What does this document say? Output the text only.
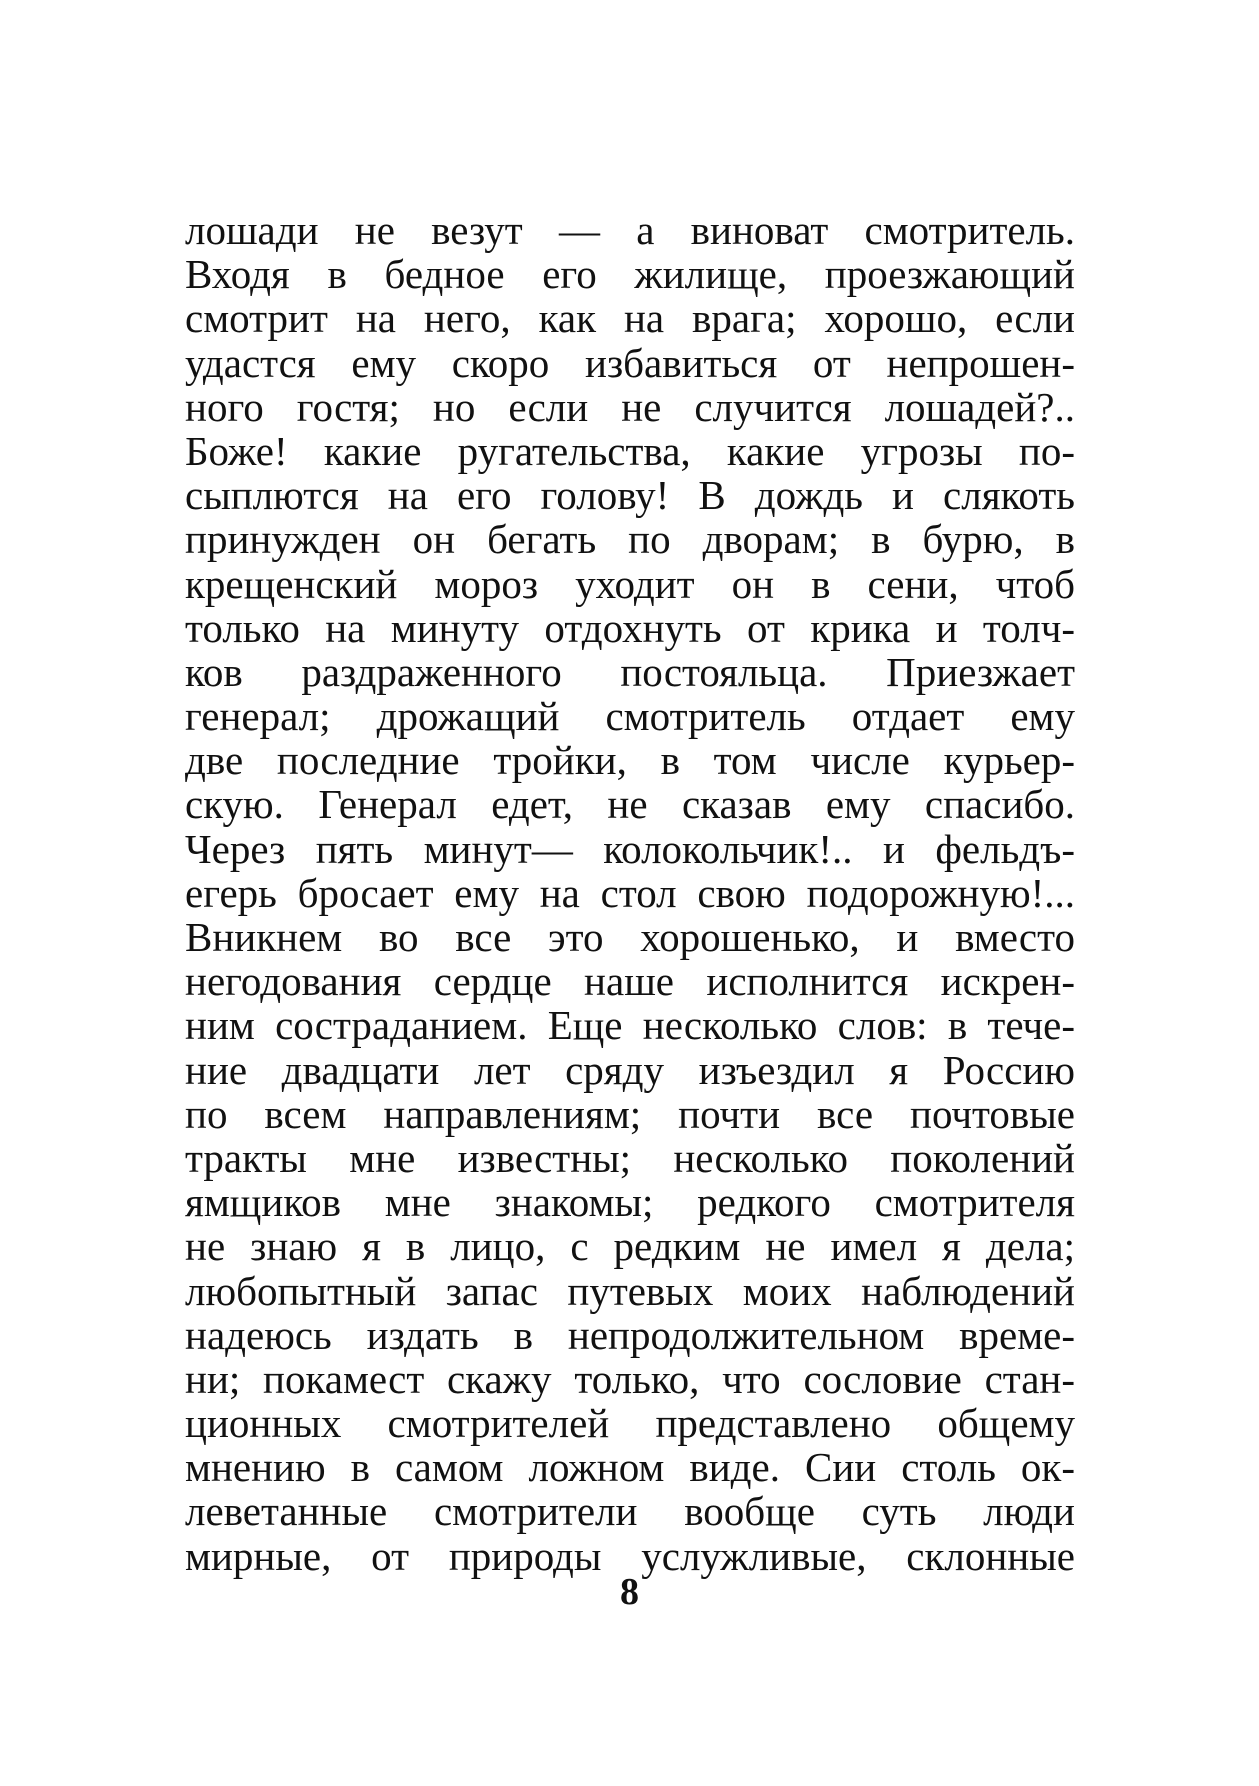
лошади не везут — а виноват смотритель.
Входя в бедное его жилище, проезжающий
смотрит на него, как на врага; хорошо, если
удастся ему скоро избавиться от непрошен-
ного гостя; но если не случится лошадей?..
Боже! какие ругательства, какие угрозы по-
сыплются на его голову! В дождь и слякоть
принужден он бегать по дворам; в бурю, в
крещенский мороз уходит он в сени, чтоб
только на минуту отдохнуть от крика и толч-
ков раздраженного постояльца. Приезжает
генерал; дрожащий смотритель отдает ему
две последние тройки, в том числе курьер-
скую. Генерал едет, не сказав ему спасибо.
Через пять минут— колокольчик!.. и фельдъ-
егерь бросает ему на стол свою подорожную!...
Вникнем во все это хорошенько, и вместо
негодования сердце наше исполнится искрен-
ним состраданием. Еще несколько слов: в тече-
ние двадцати лет сряду изъездил я Россию
по всем направлениям; почти все почтовые
тракты мне известны; несколько поколений
ямщиков мне знакомы; редкого смотрителя
не знаю я в лицо, с редким не имел я дела;
любопытный запас путевых моих наблюдений
надеюсь издать в непродолжительном време-
ни; покамест скажу только, что сословие стан-
ционных смотрителей представлено общему
мнению в самом ложном виде. Сии столь ок-
леветанные смотрители вообще суть люди
мирные, от природы услужливые, склонные
8
